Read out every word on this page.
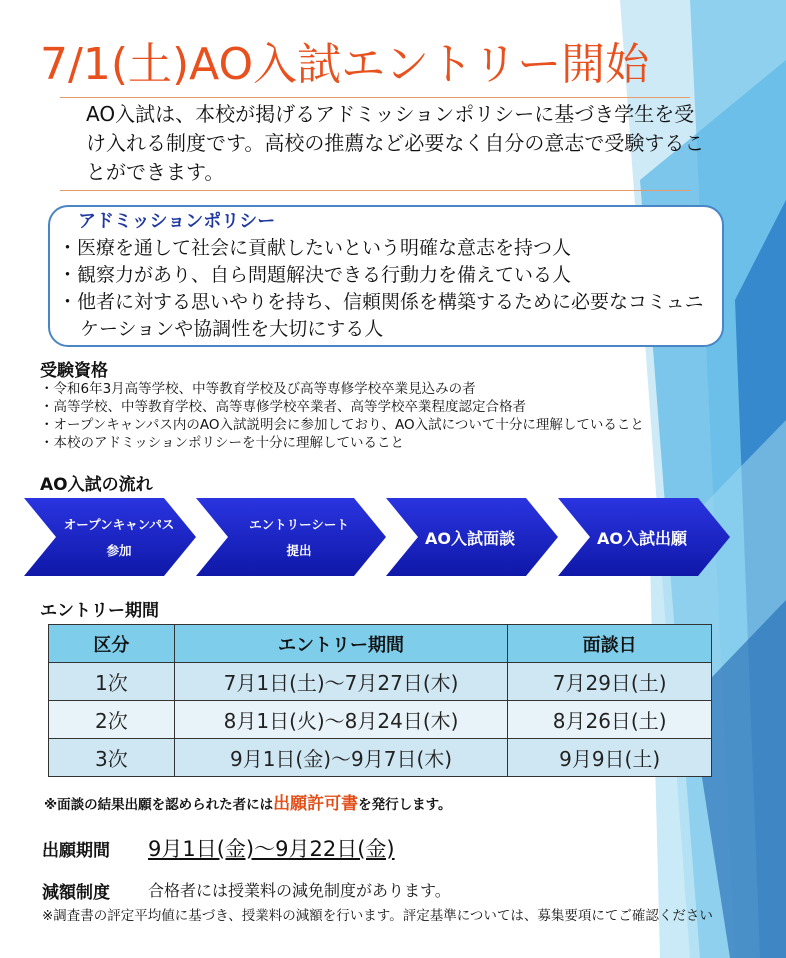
7/1(土)AO入試エントリー開始
AO入試は、本校が掲げるアドミッションポリシーに基づき学生を受け入れる制度です。高校の推薦など必要なく自分の意志で受験することができます。
アドミッションポリシー
・医療を通して社会に貢献したいという明確な意志を持つ人
・観察力があり、自ら問題解決できる行動力を備えている人
・他者に対する思いやりを持ち、信頼関係を構築するために必要なコミュニケーションや協調性を大切にする人
受験資格
・令和6年3月高等学校、中等教育学校及び高等専修学校卒業見込みの者
・高等学校、中等教育学校、高等専修学校卒業者、高等学校卒業程度認定合格者
・オープンキャンパス内のAO入試説明会に参加しており、AO入試について十分に理解していること
・本校のアドミッションポリシーを十分に理解していること
AO入試の流れ
オープンキャンパス
参加
エントリーシート
提出
AO入試面談	AO入試出願
エントリー期間
区分	エントリー期間	面談日
1次	7月1日(土)～7月27日(木)	7月29日(土)
2次	8月1日(火)～8月24日(木)	8月26日(土)
3次	9月1日(金)～9月7日(木)	9月9日(土)
※面談の結果出願を認められた者には出願許可書を発行します。
出願期間 9月1日(金)～9月22日(金)
減額制度 合格者には授業料の減免制度があります。
※調査書の評定平均値に基づき、授業料の減額を行います。評定基準については、募集要項にてご確認ください
